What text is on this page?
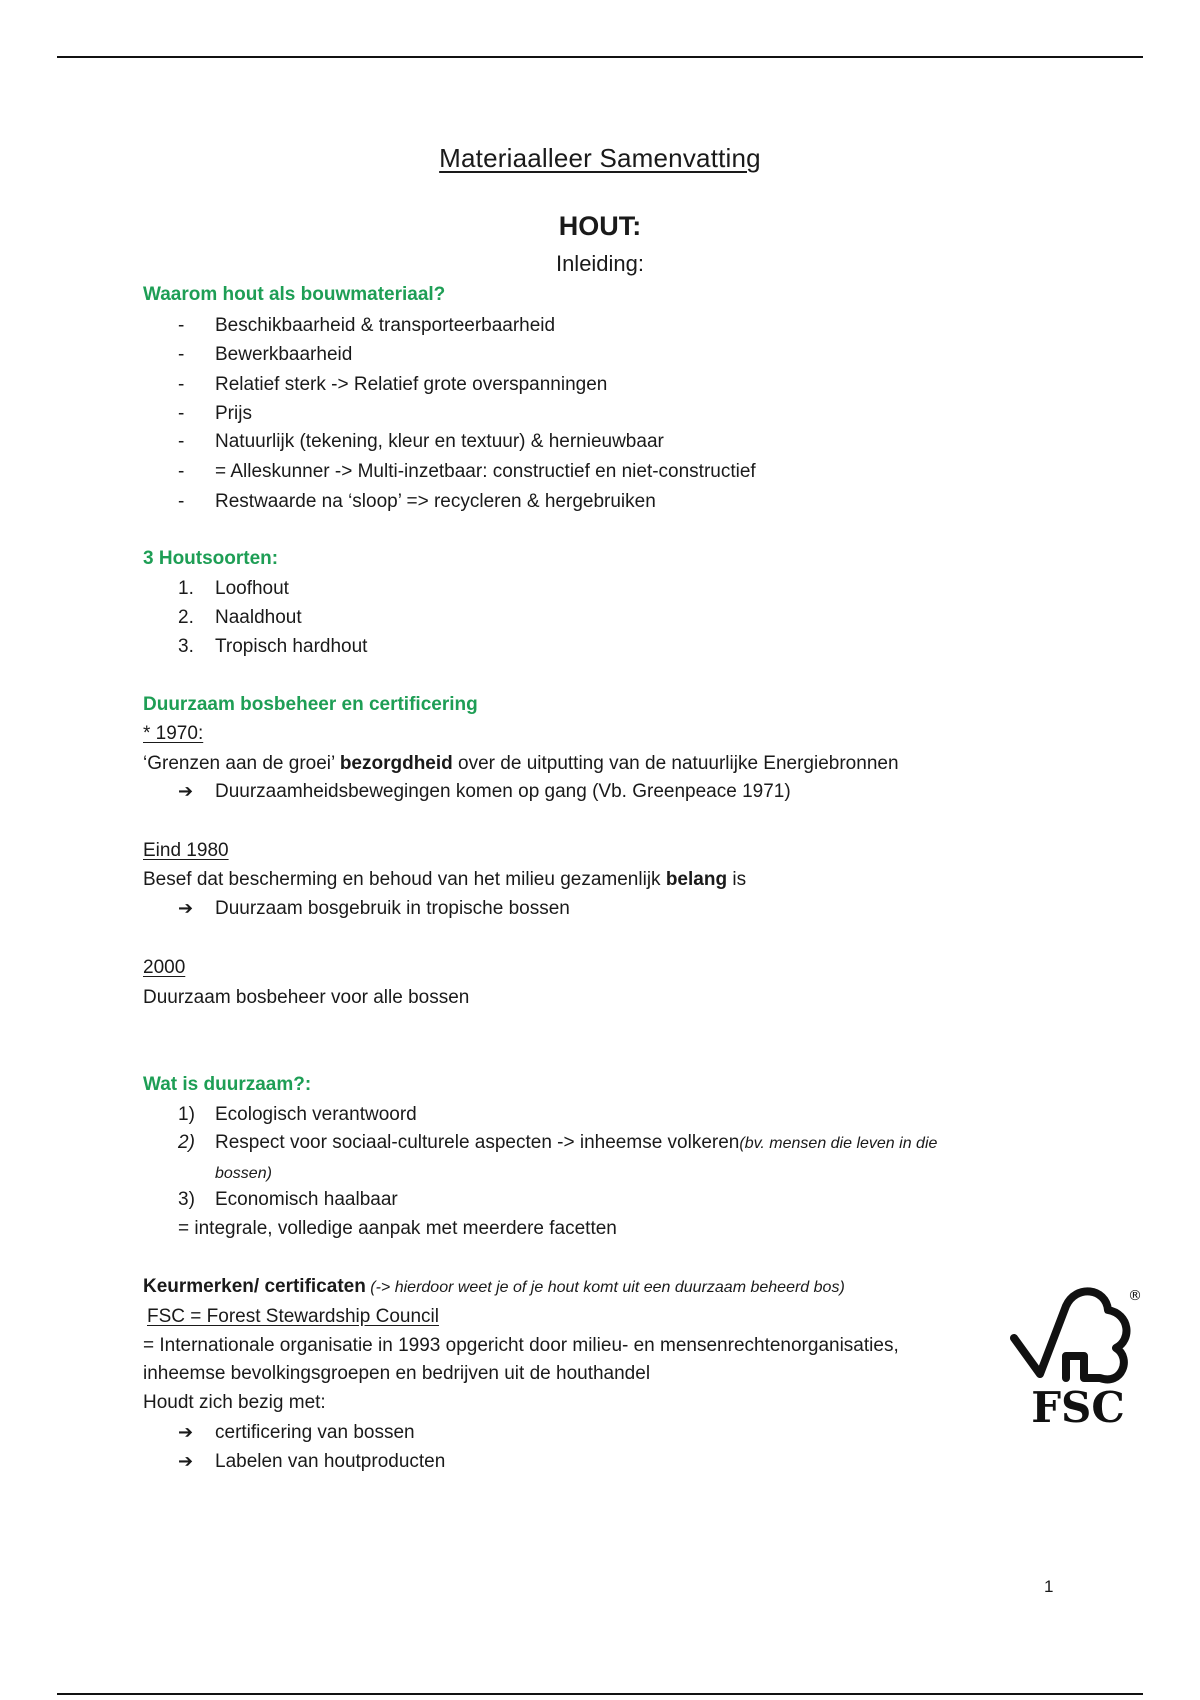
Materiaalleer Samenvatting
HOUT:
Inleiding:
Waarom hout als bouwmateriaal?
- Beschikbaarheid & transporteerbaarheid
- Bewerkbaarheid
- Relatief sterk -> Relatief grote overspanningen
- Prijs
- Natuurlijk (tekening, kleur en textuur) & hernieuwbaar
- = Alleskunner -> Multi-inzetbaar: constructief en niet-constructief
- Restwaarde na ‘sloop’ => recycleren & hergebruiken
3 Houtsoorten:
1. Loofhout
2. Naaldhout
3. Tropisch hardhout
Duurzaam bosbeheer en certificering
* 1970:
‘Grenzen aan de groei’ bezorgdheid over de uitputting van de natuurlijke Energiebronnen
➔ Duurzaamheidsbewegingen komen op gang (Vb. Greenpeace 1971)
Eind 1980
Besef dat bescherming en behoud van het milieu gezamenlijk belang is
➔ Duurzaam bosgebruik in tropische bossen
2000
Duurzaam bosbeheer voor alle bossen
Wat is duurzaam?:
1) Ecologisch verantwoord
2) Respect voor sociaal-culturele aspecten -> inheemse volkeren(bv. mensen die leven in die
bossen)
3) Economisch haalbaar
= integrale, volledige aanpak met meerdere facetten
Keurmerken/ certificaten (-> hierdoor weet je of je hout komt uit een duurzaam beheerd bos)
FSC = Forest Stewardship Council
= Internationale organisatie in 1993 opgericht door milieu- en mensenrechtenorganisaties,
inheemse bevolkingsgroepen en bedrijven uit de houthandel
Houdt zich bezig met:
➔ certificering van bossen
➔ Labelen van houtproducten
®
FSC
1
